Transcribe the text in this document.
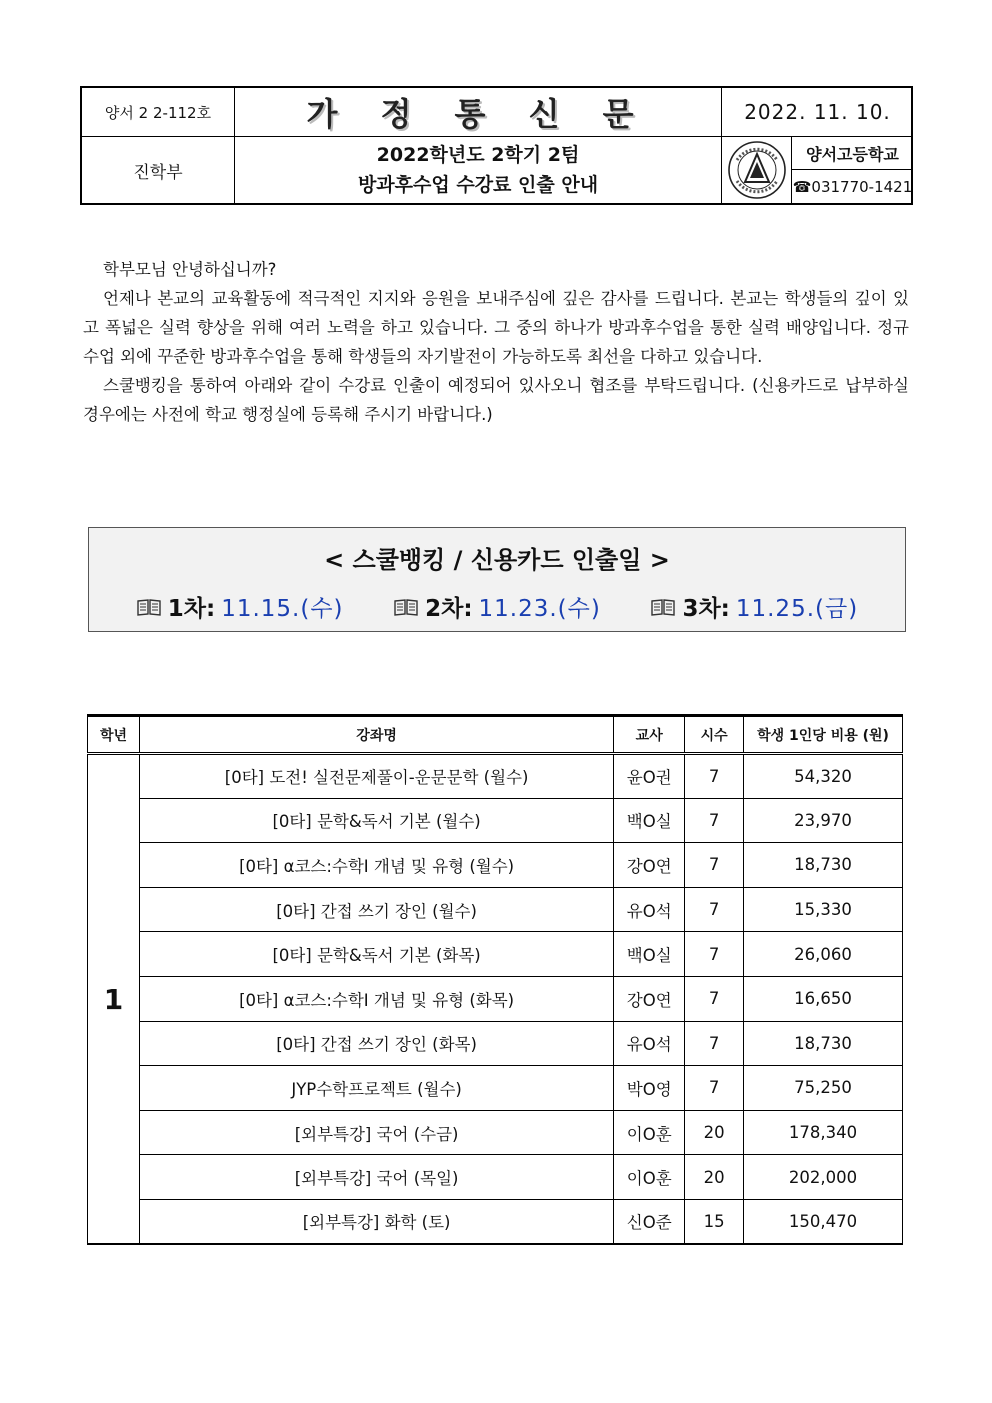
양서 2 2-112호	가 정 통 신 문	2022. 11. 10.
진학부
2022학년도 2학기 2텀
방과후수업 수강료 인출 안내
양서고등학교
☎031770-1421

학부모님 안녕하십니까?

언제나 본교의 교육활동에 적극적인 지지와 응원을 보내주심에 깊은 감사를 드립니다. 본교는 학생들의 깊이 있고 폭넓은 실력 향상을 위해 여러 노력을 하고 있습니다. 그 중의 하나가 방과후수업을 통한 실력 배양입니다. 정규수업 외에 꾸준한 방과후수업을 통해 학생들의 자기발전이 가능하도록 최선을 다하고 있습니다.

스쿨뱅킹을 통하여 아래와 같이 수강료 인출이 예정되어 있사오니 협조를 부탁드립니다. (신용카드로 납부하실 경우에는 사전에 학교 행정실에 등록해 주시기 바랍니다.)

< 스쿨뱅킹 / 신용카드 인출일 >
1차: 11.15.(수)	2차: 11.23.(수)	3차: 11.25.(금)
학년	강좌명	교사	시수	학생 1인당 비용 (원)
1	[0타] 도전! 실전문제풀이-운문문학 (월수)	윤O권	7	54,320
	[0타] 문학&독서 기본 (월수)	백O실	7	23,970
	[0타] α코스:수학Ⅰ 개념 및 유형 (월수)	강O연	7	18,730
	[0타] 간접 쓰기 장인 (월수)	유O석	7	15,330
	[0타] 문학&독서 기본 (화목)	백O실	7	26,060
	[0타] α코스:수학Ⅰ 개념 및 유형 (화목)	강O연	7	16,650
	[0타] 간접 쓰기 장인 (화목)	유O석	7	18,730
	JYP수학프로젝트 (월수)	박O영	7	75,250
	[외부특강] 국어 (수금)	이O훈	20	178,340
	[외부특강] 국어 (목일)	이O훈	20	202,000
	[외부특강] 화학 (토)	신O준	15	150,470
